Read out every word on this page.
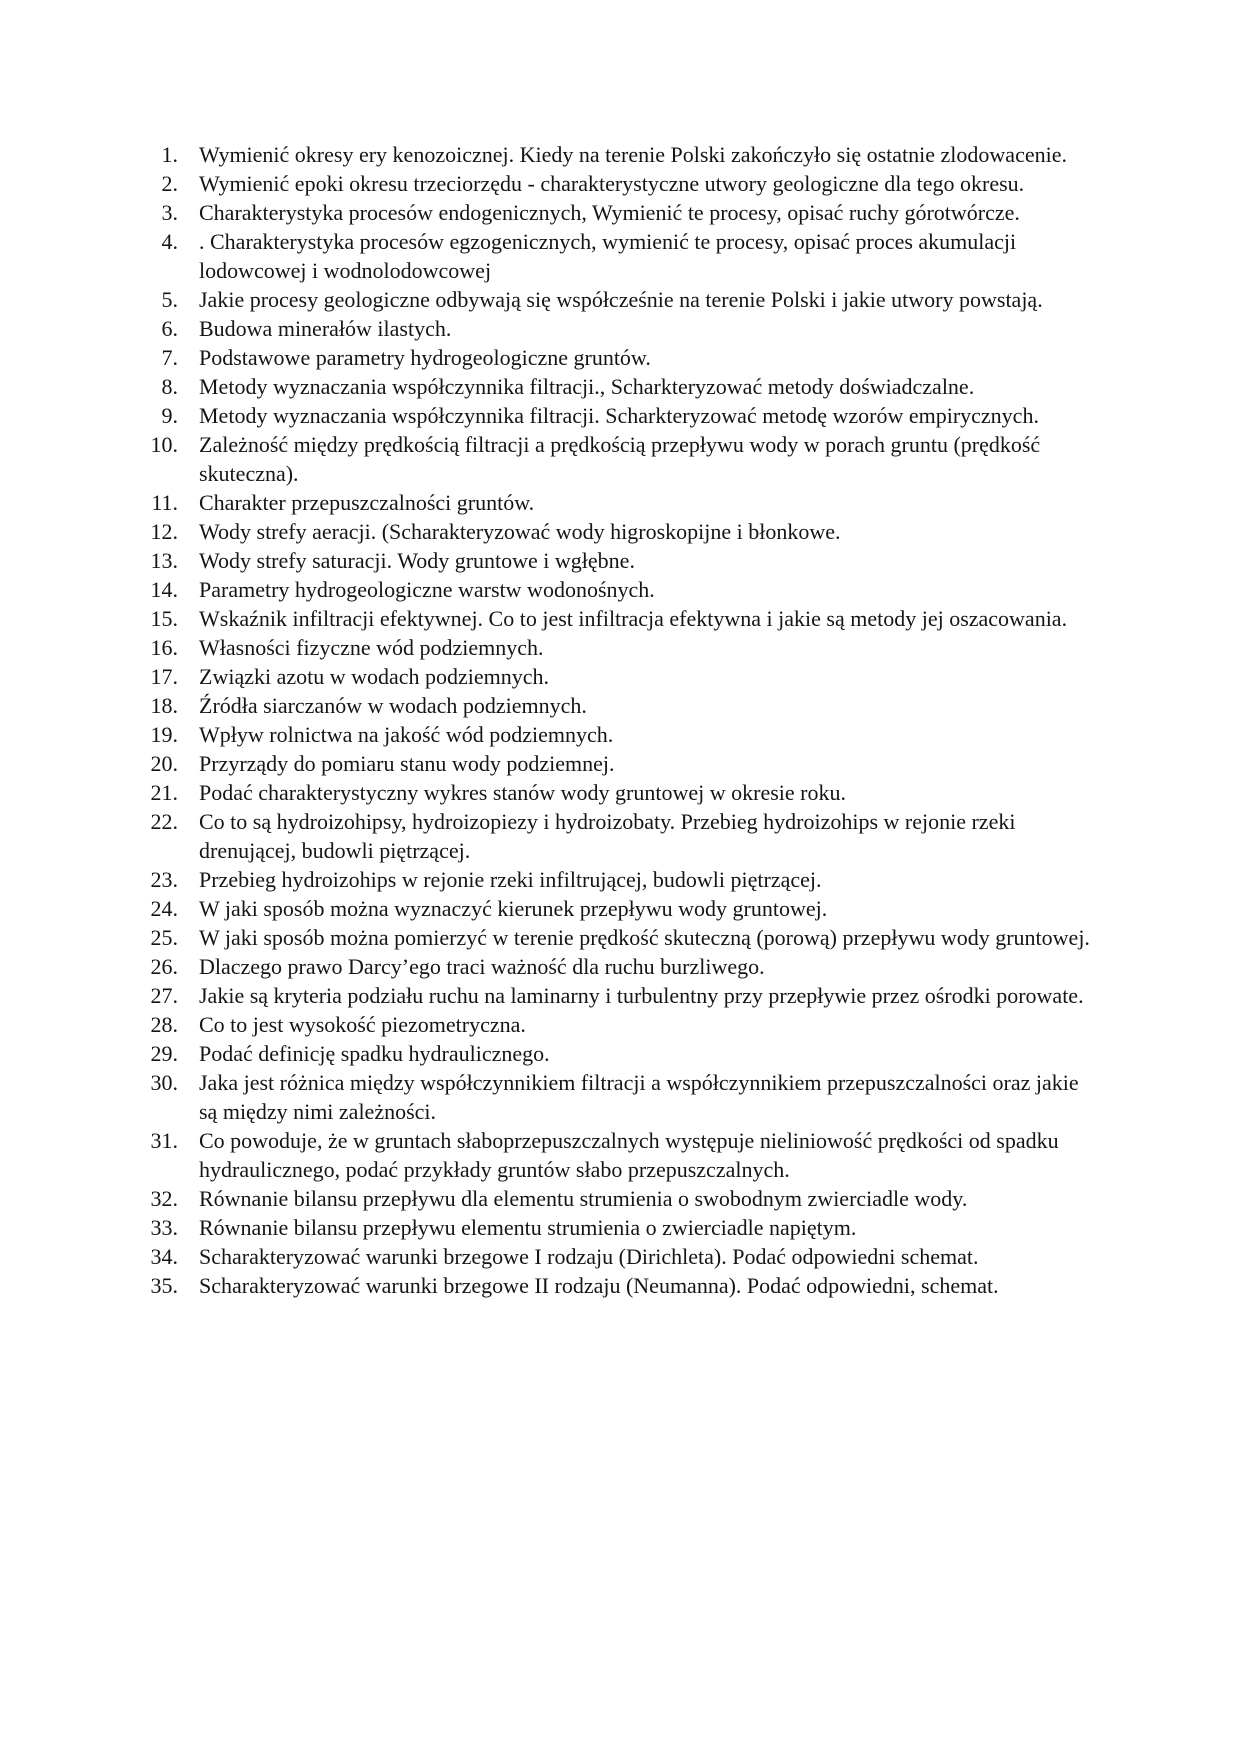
1. Wymienić okresy ery kenozoicznej. Kiedy na terenie Polski zakończyło się ostatnie zlodowacenie.
2. Wymienić epoki okresu trzeciorzędu - charakterystyczne utwory geologiczne dla tego okresu.
3. Charakterystyka procesów endogenicznych, Wymienić te procesy, opisać ruchy górotwórcze.
4. . Charakterystyka procesów egzogenicznych, wymienić te procesy, opisać proces akumulacji lodowcowej i wodnolodowcowej
5. Jakie procesy geologiczne odbywają się współcześnie na terenie Polski i jakie utwory powstają.
6. Budowa minerałów ilastych.
7. Podstawowe parametry hydrogeologiczne gruntów.
8. Metody wyznaczania współczynnika filtracji., Scharkteryzować metody doświadczalne.
9. Metody wyznaczania współczynnika filtracji. Scharkteryzować metodę wzorów empirycznych.
10. Zależność między prędkością filtracji a prędkością przepływu wody w porach gruntu (prędkość skuteczna).
11. Charakter przepuszczalności gruntów.
12. Wody strefy aeracji. (Scharakteryzować wody higroskopijne i błonkowe.
13. Wody strefy saturacji. Wody gruntowe i wgłębne.
14. Parametry hydrogeologiczne warstw wodonośnych.
15. Wskaźnik infiltracji efektywnej. Co to jest infiltracja efektywna i jakie są metody jej oszacowania.
16. Własności fizyczne wód podziemnych.
17. Związki azotu w wodach podziemnych.
18. Źródła siarczanów w wodach podziemnych.
19. Wpływ rolnictwa na jakość wód podziemnych.
20. Przyrządy do pomiaru stanu wody podziemnej.
21. Podać charakterystyczny wykres stanów wody gruntowej w okresie roku.
22. Co to są hydroizohipsy, hydroizopiezy i hydroizobaty. Przebieg hydroizohips w rejonie rzeki drenującej, budowli piętrzącej.
23. Przebieg hydroizohips w rejonie rzeki infiltrującej, budowli piętrzącej.
24. W jaki sposób można wyznaczyć kierunek przepływu wody gruntowej.
25. W jaki sposób można pomierzyć w terenie prędkość skuteczną (porową) przepływu wody gruntowej.
26. Dlaczego prawo Darcy’ego traci ważność dla ruchu burzliwego.
27. Jakie są kryteria podziału ruchu na laminarny i turbulentny przy przepływie przez ośrodki porowate.
28. Co to jest wysokość piezometryczna.
29. Podać definicję spadku hydraulicznego.
30. Jaka jest różnica między współczynnikiem filtracji a współczynnikiem przepuszczalności oraz jakie są między nimi zależności.
31. Co powoduje, że w gruntach słaboprzepuszczalnych występuje nieliniowość prędkości od spadku hydraulicznego, podać przykłady gruntów słabo przepuszczalnych.
32. Równanie bilansu przepływu dla elementu strumienia o swobodnym zwierciadle wody.
33. Równanie bilansu przepływu elementu strumienia o zwierciadle napiętym.
34. Scharakteryzować warunki brzegowe I rodzaju (Dirichleta). Podać odpowiedni schemat.
35. Scharakteryzować warunki brzegowe II rodzaju (Neumanna). Podać odpowiedni, schemat.
